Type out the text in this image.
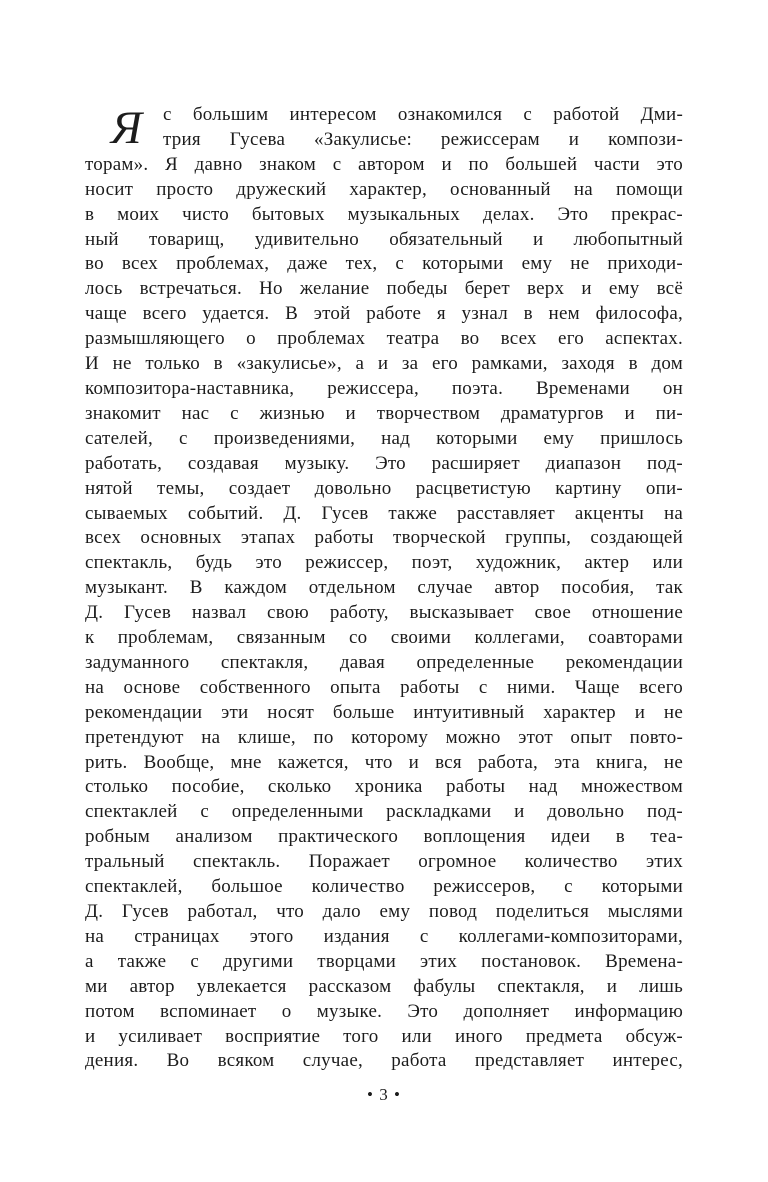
Я	с большим интересом ознакомился с работой Дми-
трия Гусева «Закулисье: режиссерам и компози-
торам». Я давно знаком с автором и по большей части это
носит просто дружеский характер, основанный на помощи
в моих чисто бытовых музыкальных делах. Это прекрас-
ный товарищ, удивительно обязательный и любопытный
во всех проблемах, даже тех, с которыми ему не приходи-
лось встречаться. Но желание победы берет верх и ему всё
чаще всего удается. В этой работе я узнал в нем философа,
размышляющего о проблемах театра во всех его аспектах.
И не только в «закулисье», а и за его рамками, заходя в дом
композитора-наставника, режиссера, поэта. Временами он
знакомит нас с жизнью и творчеством драматургов и пи-
сателей, с произведениями, над которыми ему пришлось
работать, создавая музыку. Это расширяет диапазон под-
нятой темы, создает довольно расцветистую картину опи-
сываемых событий. Д. Гусев также расставляет акценты на
всех основных этапах работы творческой группы, создающей
спектакль, будь это режиссер, поэт, художник, актер или
музыкант. В каждом отдельном случае автор пособия, так
Д. Гусев назвал свою работу, высказывает свое отношение
к проблемам, связанным со своими коллегами, соавторами
задуманного спектакля, давая определенные рекомендации
на основе собственного опыта работы с ними. Чаще всего
рекомендации эти носят больше интуитивный характер и не
претендуют на клише, по которому можно этот опыт повто-
рить. Вообще, мне кажется, что и вся работа, эта книга, не
столько пособие, сколько хроника работы над множеством
спектаклей с определенными раскладками и довольно под-
робным анализом практического воплощения идеи в теа-
тральный спектакль. Поражает огромное количество этих
спектаклей, большое количество режиссеров, с которыми
Д. Гусев работал, что дало ему повод поделиться мыслями
на страницах этого издания с коллегами-композиторами,
а также с другими творцами этих постановок. Времена-
ми автор увлекается рассказом фабулы спектакля, и лишь
потом вспоминает о музыке. Это дополняет информацию
и усиливает восприятие того или иного предмета обсуж-
дения. Во всяком случае, работа представляет интерес,
• 3 •
